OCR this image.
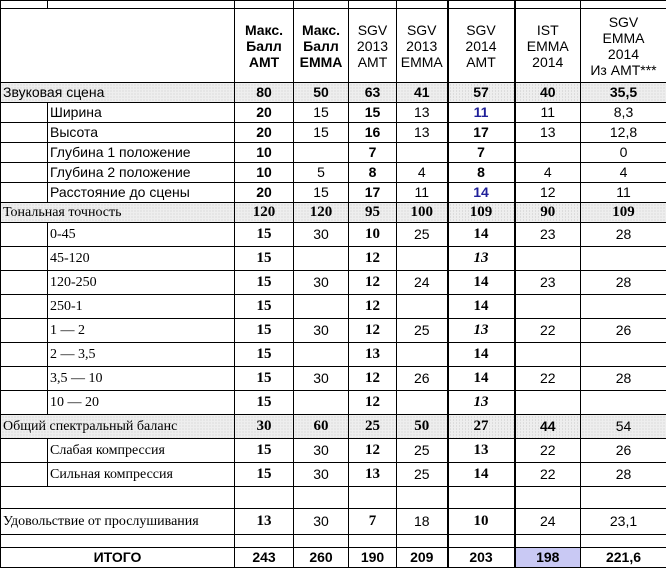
		Макс.
Балл
АМТ	Макс.
Балл
EMMA	SGV
2013
АМТ	SGV
2013
EMMA	SGV
2014
АМТ	IST
EMMA
2014	SGV
EMMA
2014
Из АМТ***
Звуковая сцена		80	50	63	41	57	40	35,5
	Ширина	20	15	15	13	11	11	8,3
	Высота	20	15	16	13	17	13	12,8
	Глубина 1 положение	10		7		7		0
	Глубина 2 положение	10	5	8	4	8	4	4
	Расстояние до сцены	20	15	17	11	14	12	11
Тональная точность		120	120	95	100	109	90	109
	0-45	15	30	10	25	14	23	28
	45-120	15		12		13		
	120-250	15	30	12	24	14	23	28
	250-1	15		12		14		
	1 — 2	15	30	12	25	13	22	26
	2 — 3,5	15		13		14		
	3,5 — 10	15	30	12	26	14	22	28
	10 — 20	15		12		13		
Общий спектральный баланс		30	60	25	50	27	44	54
	Слабая компрессия	15	30	12	25	13	22	26
	Сильная компрессия	15	30	13	25	14	22	28

Удовольствие от прослушивания		13	30	7	18	10	24	23,1

ИТОГО		243	260	190	209	203	198	221,6
